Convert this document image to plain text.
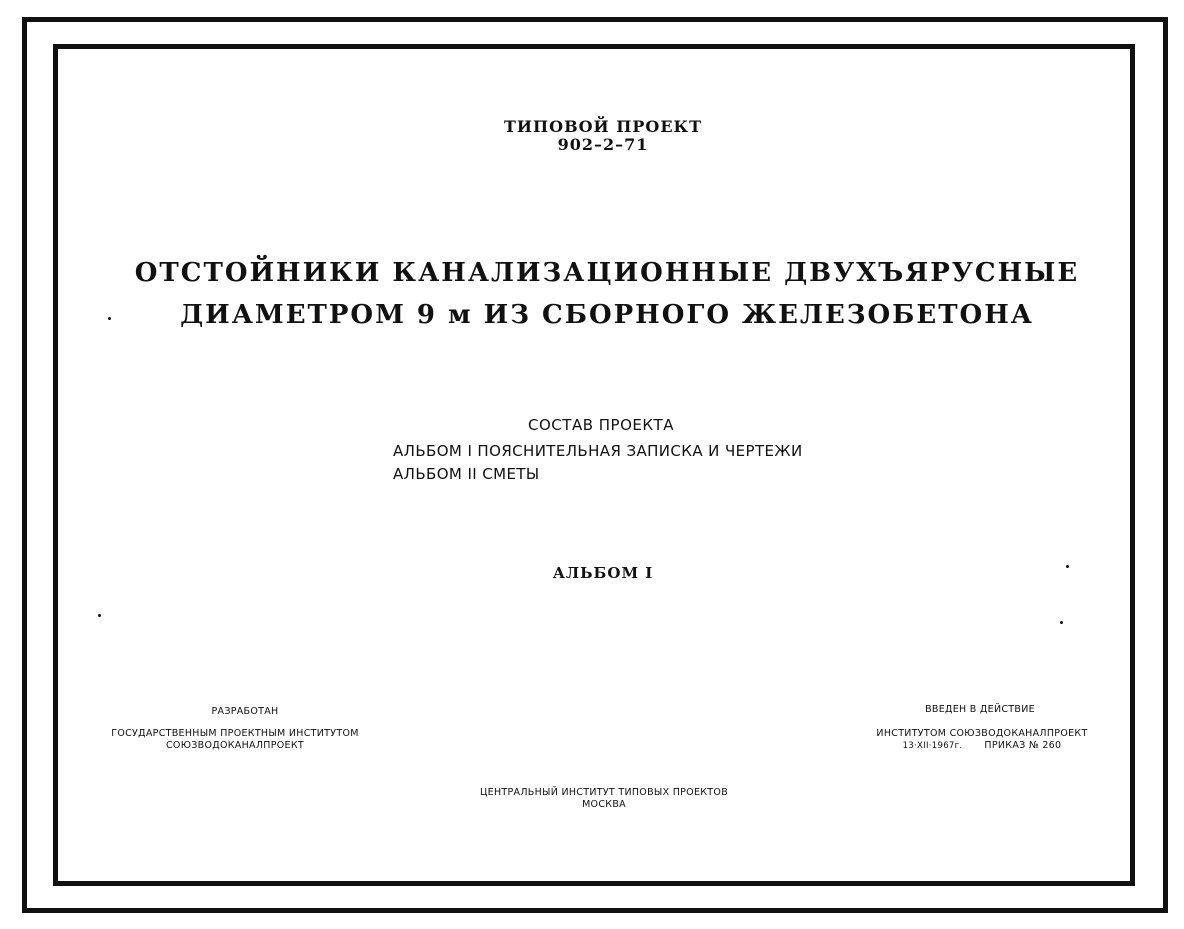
ТИПОВОЙ ПРОЕКТ
902–2–71
ОТСТОЙНИКИ КАНАЛИЗАЦИОННЫЕ ДВУХЪЯРУСНЫЕ
ДИАМЕТРОМ 9 м ИЗ СБОРНОГО ЖЕЛЕЗОБЕТОНА
СОСТАВ ПРОЕКТА
АЛЬБОМ I ПОЯСНИТЕЛЬНАЯ ЗАПИСКА И ЧЕРТЕЖИ
АЛЬБОМ II СМЕТЫ
АЛЬБОМ I
РАЗРАБОТАН
ГОСУДАРСТВЕННЫМ ПРОЕКТНЫМ ИНСТИТУТОМ
СОЮЗВОДОКАНАЛПРОЕКТ
ВВЕДЕН В ДЕЙСТВИЕ
ИНСТИТУТОМ СОЮЗВОДОКАНАЛПРОЕКТ
13·XII·1967г. ПРИКАЗ № 260
ЦЕНТРАЛЬНЫЙ ИНСТИТУТ ТИПОВЫХ ПРОЕКТОВ
МОСКВА
